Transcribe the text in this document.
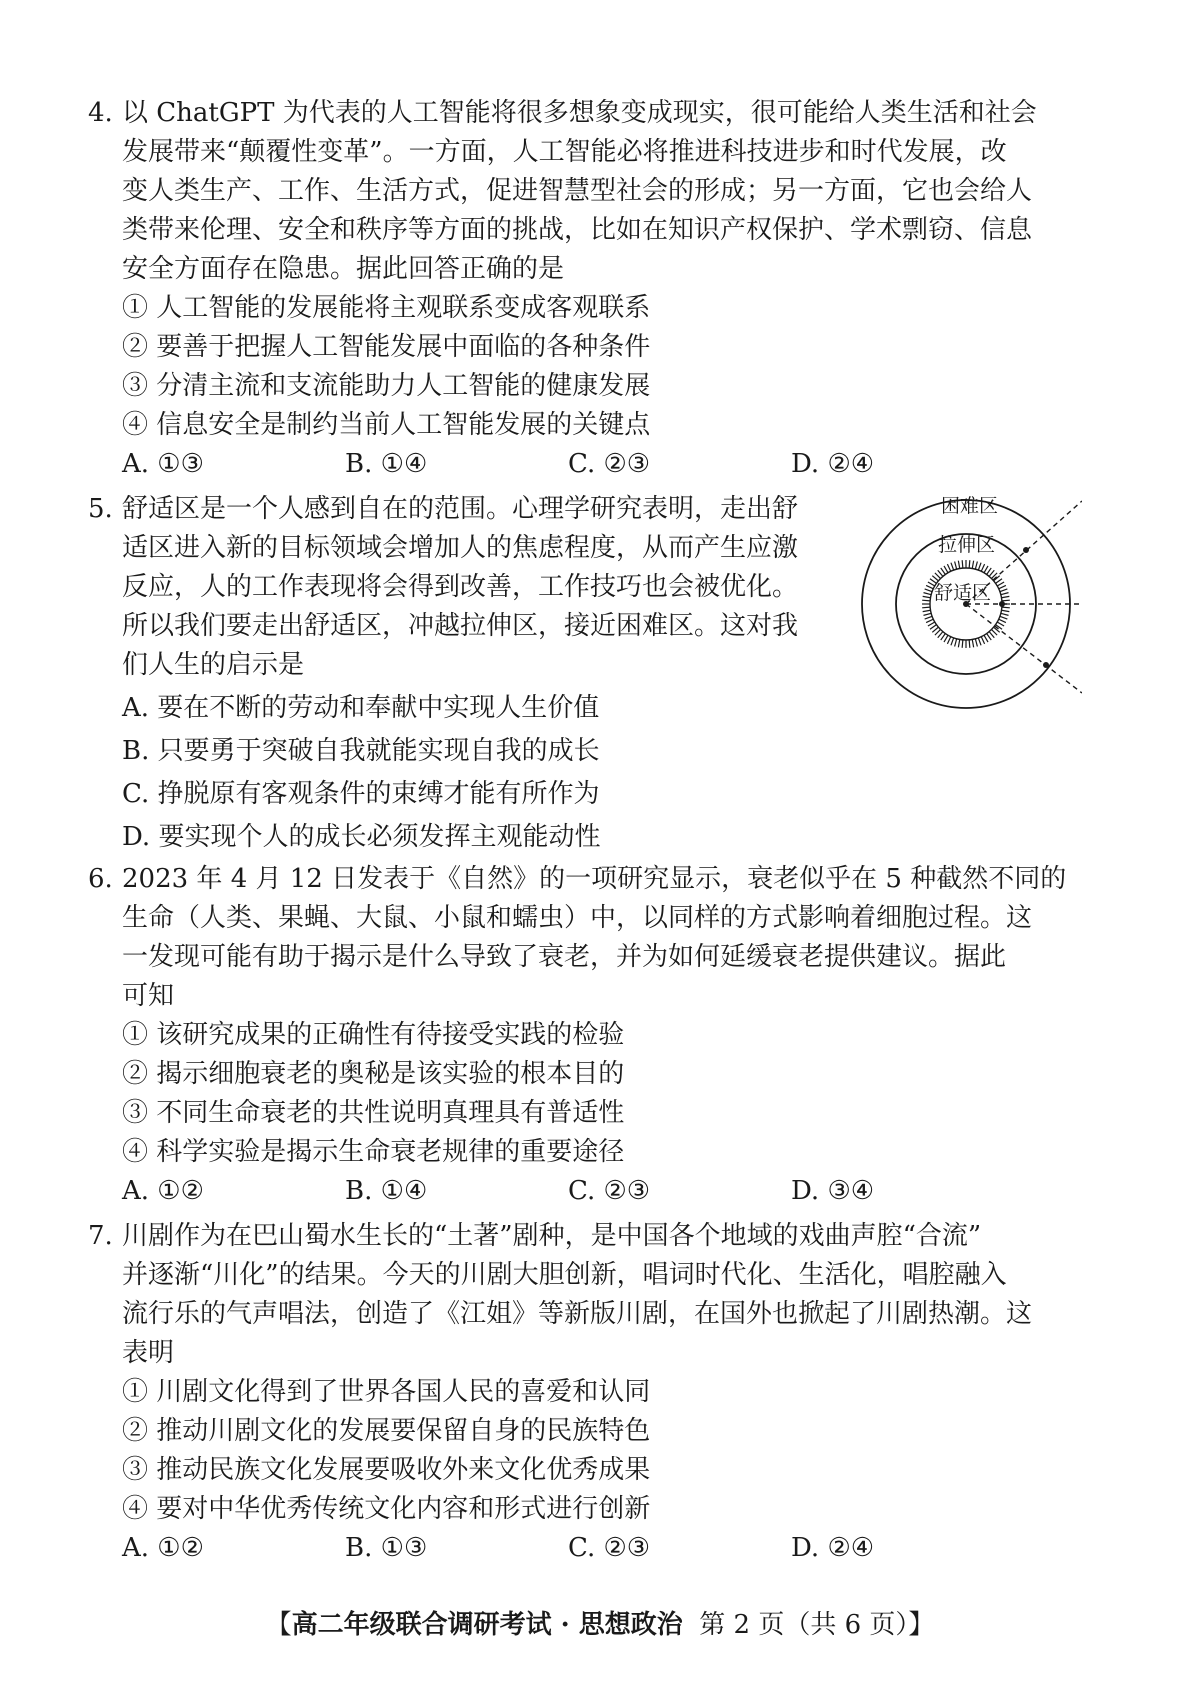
4. 以 ChatGPT 为代表的人工智能将很多想象变成现实，很可能给人类生活和社会
发展带来“颠覆性变革”。一方面，人工智能必将推进科技进步和时代发展，改
变人类生产、工作、生活方式，促进智慧型社会的形成；另一方面，它也会给人
类带来伦理、安全和秩序等方面的挑战，比如在知识产权保护、学术剽窃、信息
安全方面存在隐患。据此回答正确的是
① 人工智能的发展能将主观联系变成客观联系
② 要善于把握人工智能发展中面临的各种条件
③ 分清主流和支流能助力人工智能的健康发展
④ 信息安全是制约当前人工智能发展的关键点
A. ①③	B. ①④	C. ②③	D. ②④
5. 舒适区是一个人感到自在的范围。心理学研究表明，走出舒
适区进入新的目标领域会增加人的焦虑程度，从而产生应激
反应，人的工作表现将会得到改善，工作技巧也会被优化。
所以我们要走出舒适区，冲越拉伸区，接近困难区。这对我
们人生的启示是
A. 要在不断的劳动和奉献中实现人生价值
B. 只要勇于突破自我就能实现自我的成长
C. 挣脱原有客观条件的束缚才能有所作为
D. 要实现个人的成长必须发挥主观能动性
困难区
拉伸区
舒适区
6. 2023 年 4 月 12 日发表于《自然》的一项研究显示，衰老似乎在 5 种截然不同的
生命（人类、果蝇、大鼠、小鼠和蠕虫）中，以同样的方式影响着细胞过程。这
一发现可能有助于揭示是什么导致了衰老，并为如何延缓衰老提供建议。据此
可知
① 该研究成果的正确性有待接受实践的检验
② 揭示细胞衰老的奥秘是该实验的根本目的
③ 不同生命衰老的共性说明真理具有普适性
④ 科学实验是揭示生命衰老规律的重要途径
A. ①②	B. ①④	C. ②③	D. ③④
7. 川剧作为在巴山蜀水生长的“土著”剧种，是中国各个地域的戏曲声腔“合流”
并逐渐“川化”的结果。今天的川剧大胆创新，唱词时代化、生活化，唱腔融入
流行乐的气声唱法，创造了《江姐》等新版川剧，在国外也掀起了川剧热潮。这
表明
① 川剧文化得到了世界各国人民的喜爱和认同
② 推动川剧文化的发展要保留自身的民族特色
③ 推动民族文化发展要吸收外来文化优秀成果
④ 要对中华优秀传统文化内容和形式进行创新
A. ①②	B. ①③	C. ②③	D. ②④
【高二年级联合调研考试 · 思想政治 第 2 页（共 6 页）】
